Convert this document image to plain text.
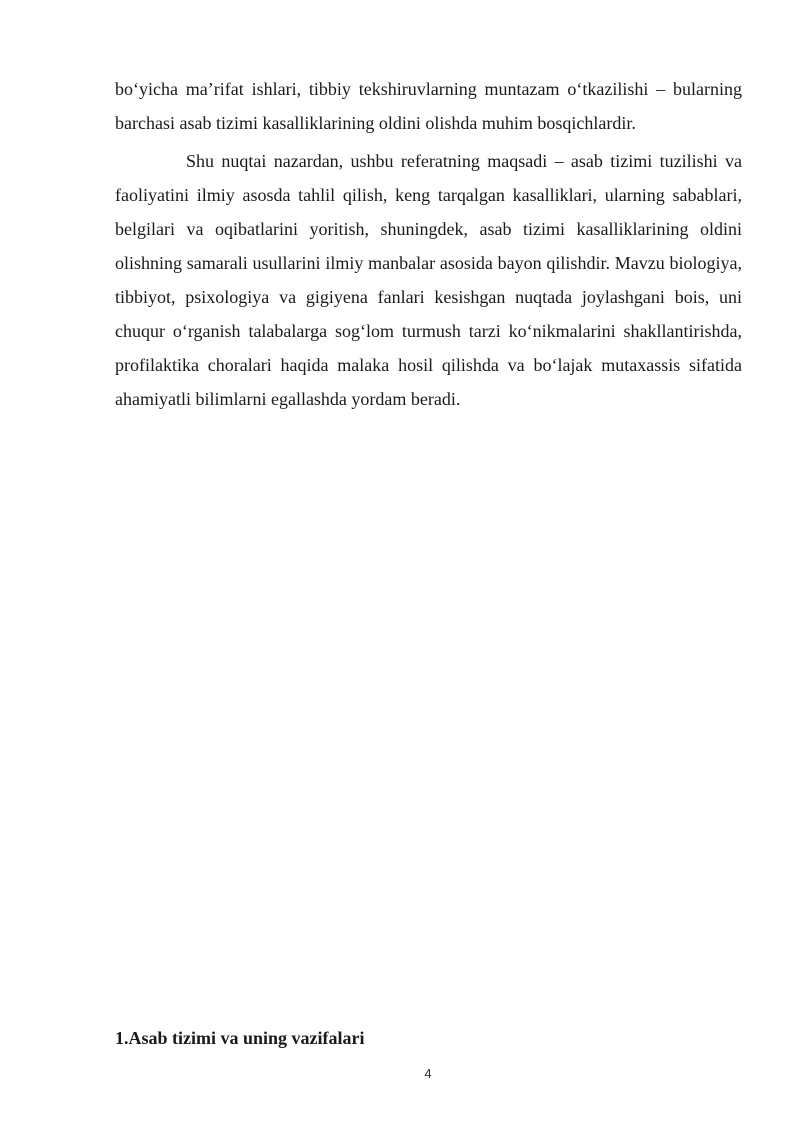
bo‘yicha ma’rifat ishlari, tibbiy tekshiruvlarning muntazam o‘tkazilishi – bularning barchasi asab tizimi kasalliklarining oldini olishda muhim bosqichlardir.

Shu nuqtai nazardan, ushbu referatning maqsadi – asab tizimi tuzilishi va faoliyatini ilmiy asosda tahlil qilish, keng tarqalgan kasalliklari, ularning sabablari, belgilari va oqibatlarini yoritish, shuningdek, asab tizimi kasalliklarining oldini olishning samarali usullarini ilmiy manbalar asosida bayon qilishdir. Mavzu biologiya, tibbiyot, psixologiya va gigiyena fanlari kesishgan nuqtada joylashgani bois, uni chuqur o‘rganish talabalarga sog‘lom turmush tarzi ko‘nikmalarini shakllantirishda, profilaktika choralari haqida malaka hosil qilishda va bo‘lajak mutaxassis sifatida ahamiyatli bilimlarni egallashda yordam beradi.

1.Asab tizimi va uning vazifalari
4
